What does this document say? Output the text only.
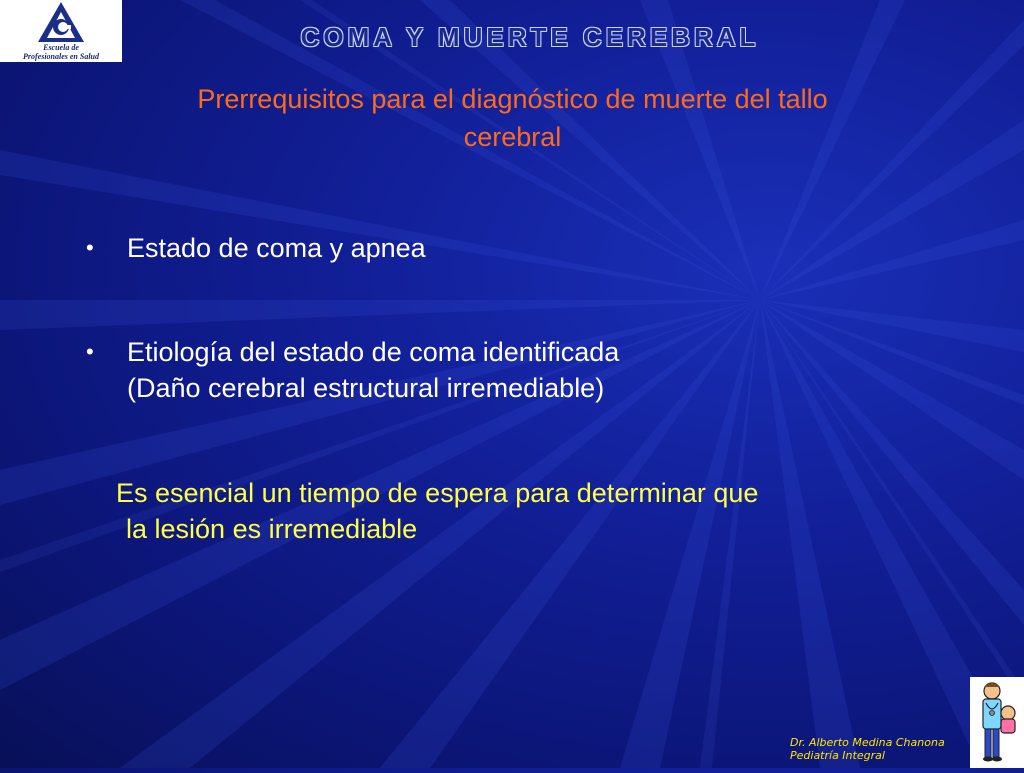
Escuela de
Profesionales en Salud
COMA Y MUERTE CEREBRAL
Prerrequisitos para el diagnóstico de muerte del tallo
cerebral
• Estado de coma y apnea
• Etiología del estado de coma identificada
(Daño cerebral estructural irremediable)
Es esencial un tiempo de espera para determinar que
la lesión es irremediable
Dr. Alberto Medina Chanona
Pediatría Integral
